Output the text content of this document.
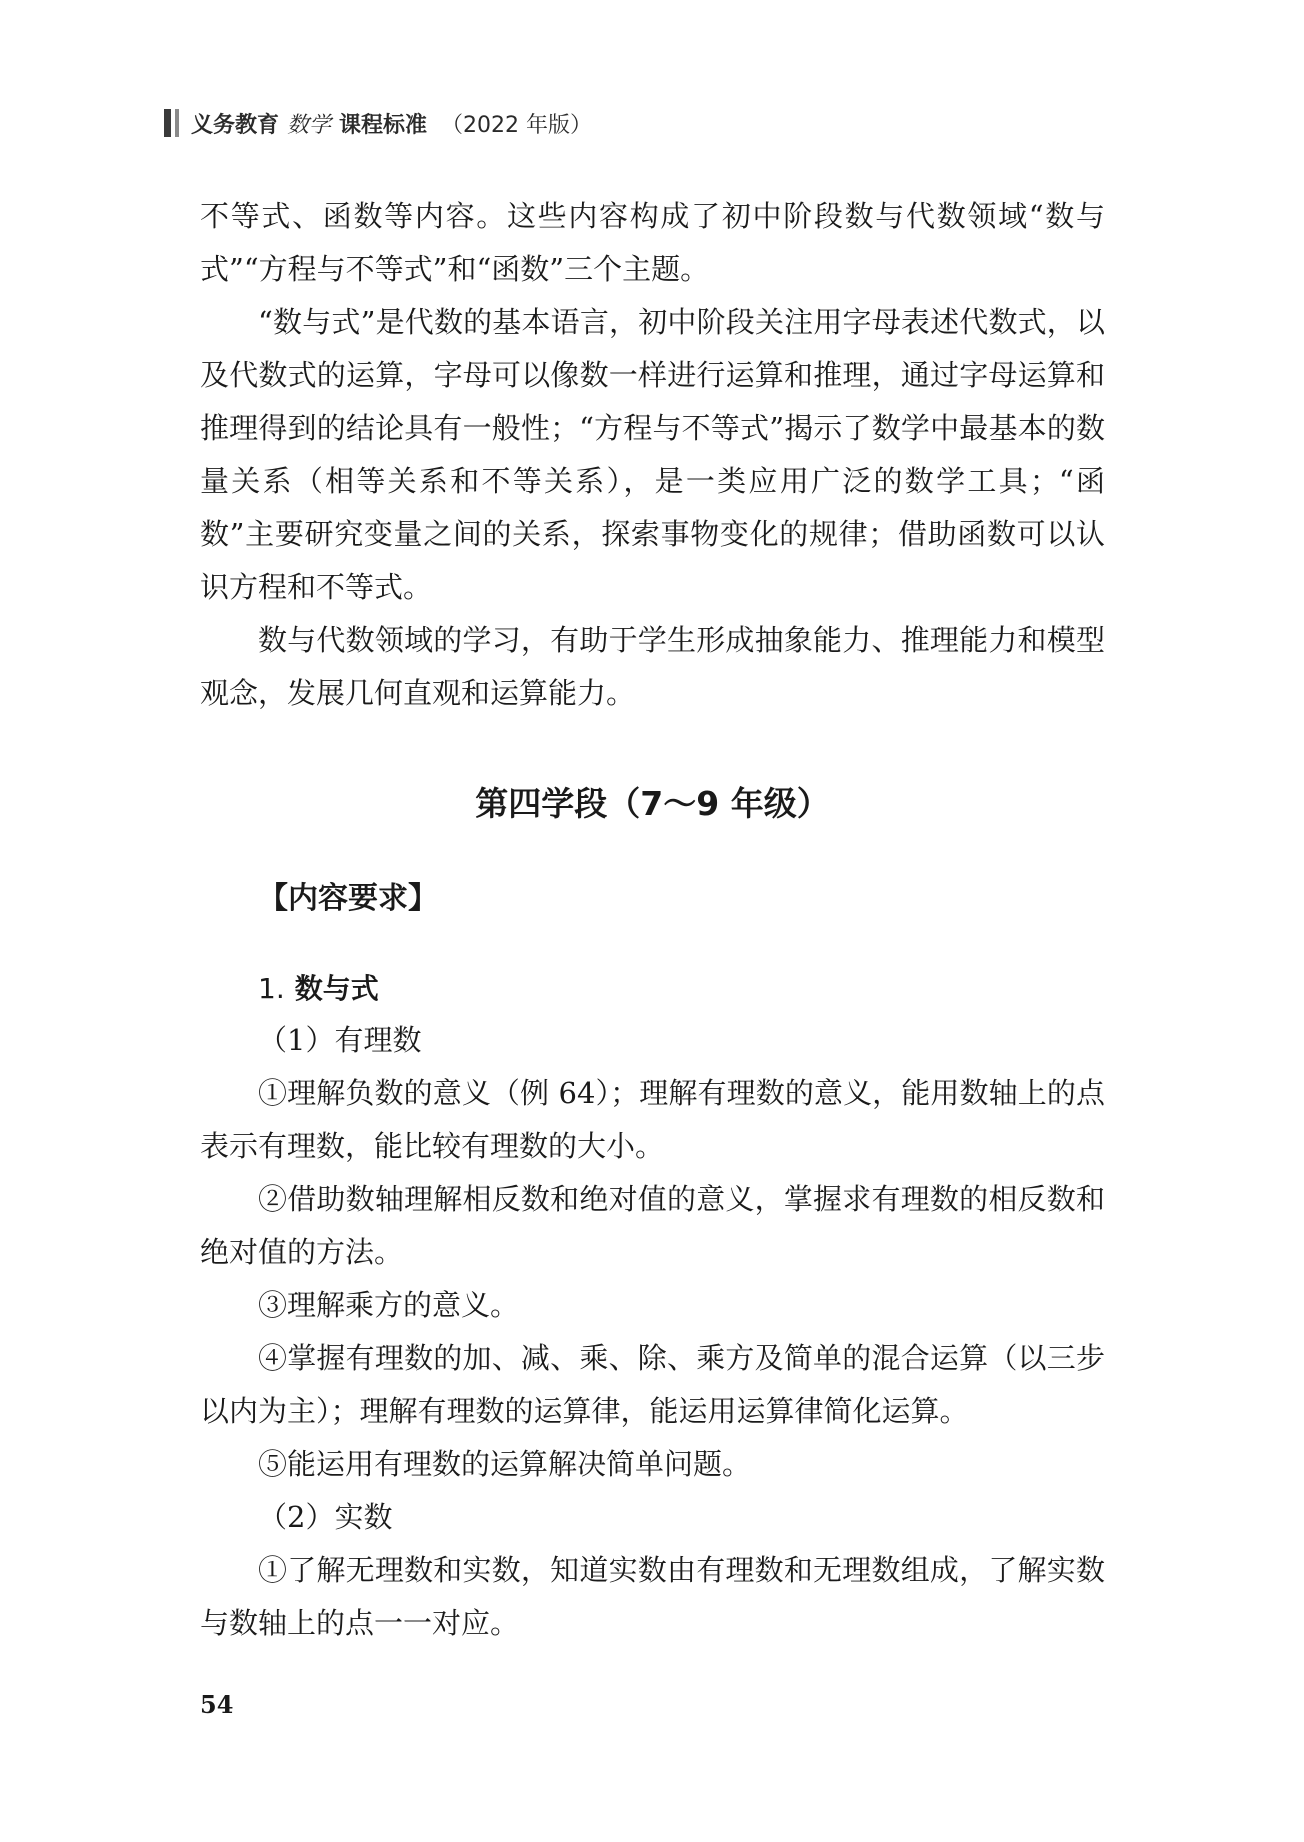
义务教育 数学 课程标准 （2022 年版）

不等式、函数等内容。这些内容构成了初中阶段数与代数领域“数与式”“方程与不等式”和“函数”三个主题。

“数与式”是代数的基本语言，初中阶段关注用字母表述代数式，以及代数式的运算，字母可以像数一样进行运算和推理，通过字母运算和推理得到的结论具有一般性；“方程与不等式”揭示了数学中最基本的数量关系（相等关系和不等关系），是一类应用广泛的数学工具；“函数”主要研究变量之间的关系，探索事物变化的规律；借助函数可以认识方程和不等式。

数与代数领域的学习，有助于学生形成抽象能力、推理能力和模型观念，发展几何直观和运算能力。

第四学段（7～9 年级）
【内容要求】
1. 数与式

（1）有理数

①理解负数的意义（例 64）；理解有理数的意义，能用数轴上的点表示有理数，能比较有理数的大小。

②借助数轴理解相反数和绝对值的意义，掌握求有理数的相反数和绝对值的方法。

③理解乘方的意义。

④掌握有理数的加、减、乘、除、乘方及简单的混合运算（以三步以内为主）；理解有理数的运算律，能运用运算律简化运算。

⑤能运用有理数的运算解决简单问题。

（2）实数

①了解无理数和实数，知道实数由有理数和无理数组成，了解实数与数轴上的点一一对应。

54
